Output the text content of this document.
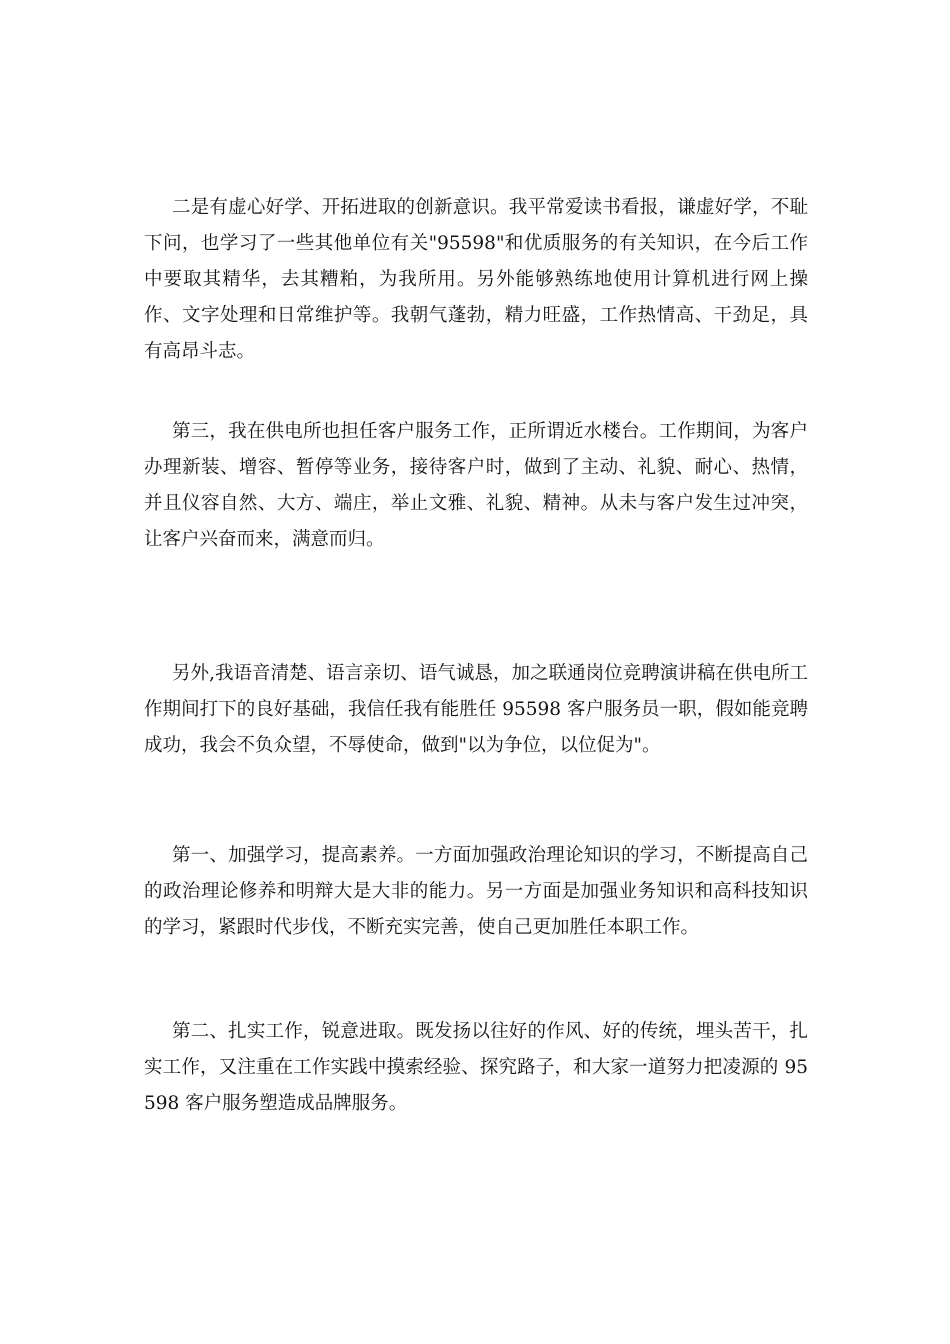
二是有虚心好学、开拓进取的创新意识。我平常爱读书看报，谦虚好学，不耻下问，也学习了一些其他单位有关"95598"和优质服务的有关知识，在今后工作中要取其精华，去其糟粕，为我所用。另外能够熟练地使用计算机进行网上操作、文字处理和日常维护等。我朝气蓬勃，精力旺盛，工作热情高、干劲足，具有高昂斗志。

第三，我在供电所也担任客户服务工作，正所谓近水楼台。工作期间，为客户办理新装、增容、暂停等业务，接待客户时，做到了主动、礼貌、耐心、热情，并且仪容自然、大方、端庄，举止文雅、礼貌、精神。从未与客户发生过冲突，让客户兴奋而来，满意而归。

另外,我语音清楚、语言亲切、语气诚恳，加之联通岗位竞聘演讲稿在供电所工作期间打下的良好基础，我信任我有能胜任 95598 客户服务员一职，假如能竞聘成功，我会不负众望，不辱使命，做到"以为争位，以位促为"。

第一、加强学习，提高素养。一方面加强政治理论知识的学习，不断提高自己的政治理论修养和明辩大是大非的能力。另一方面是加强业务知识和高科技知识的学习，紧跟时代步伐，不断充实完善，使自己更加胜任本职工作。

第二、扎实工作，锐意进取。既发扬以往好的作风、好的传统，埋头苦干，扎实工作，又注重在工作实践中摸索经验、探究路子，和大家一道努力把凌源的 95598 客户服务塑造成品牌服务。
